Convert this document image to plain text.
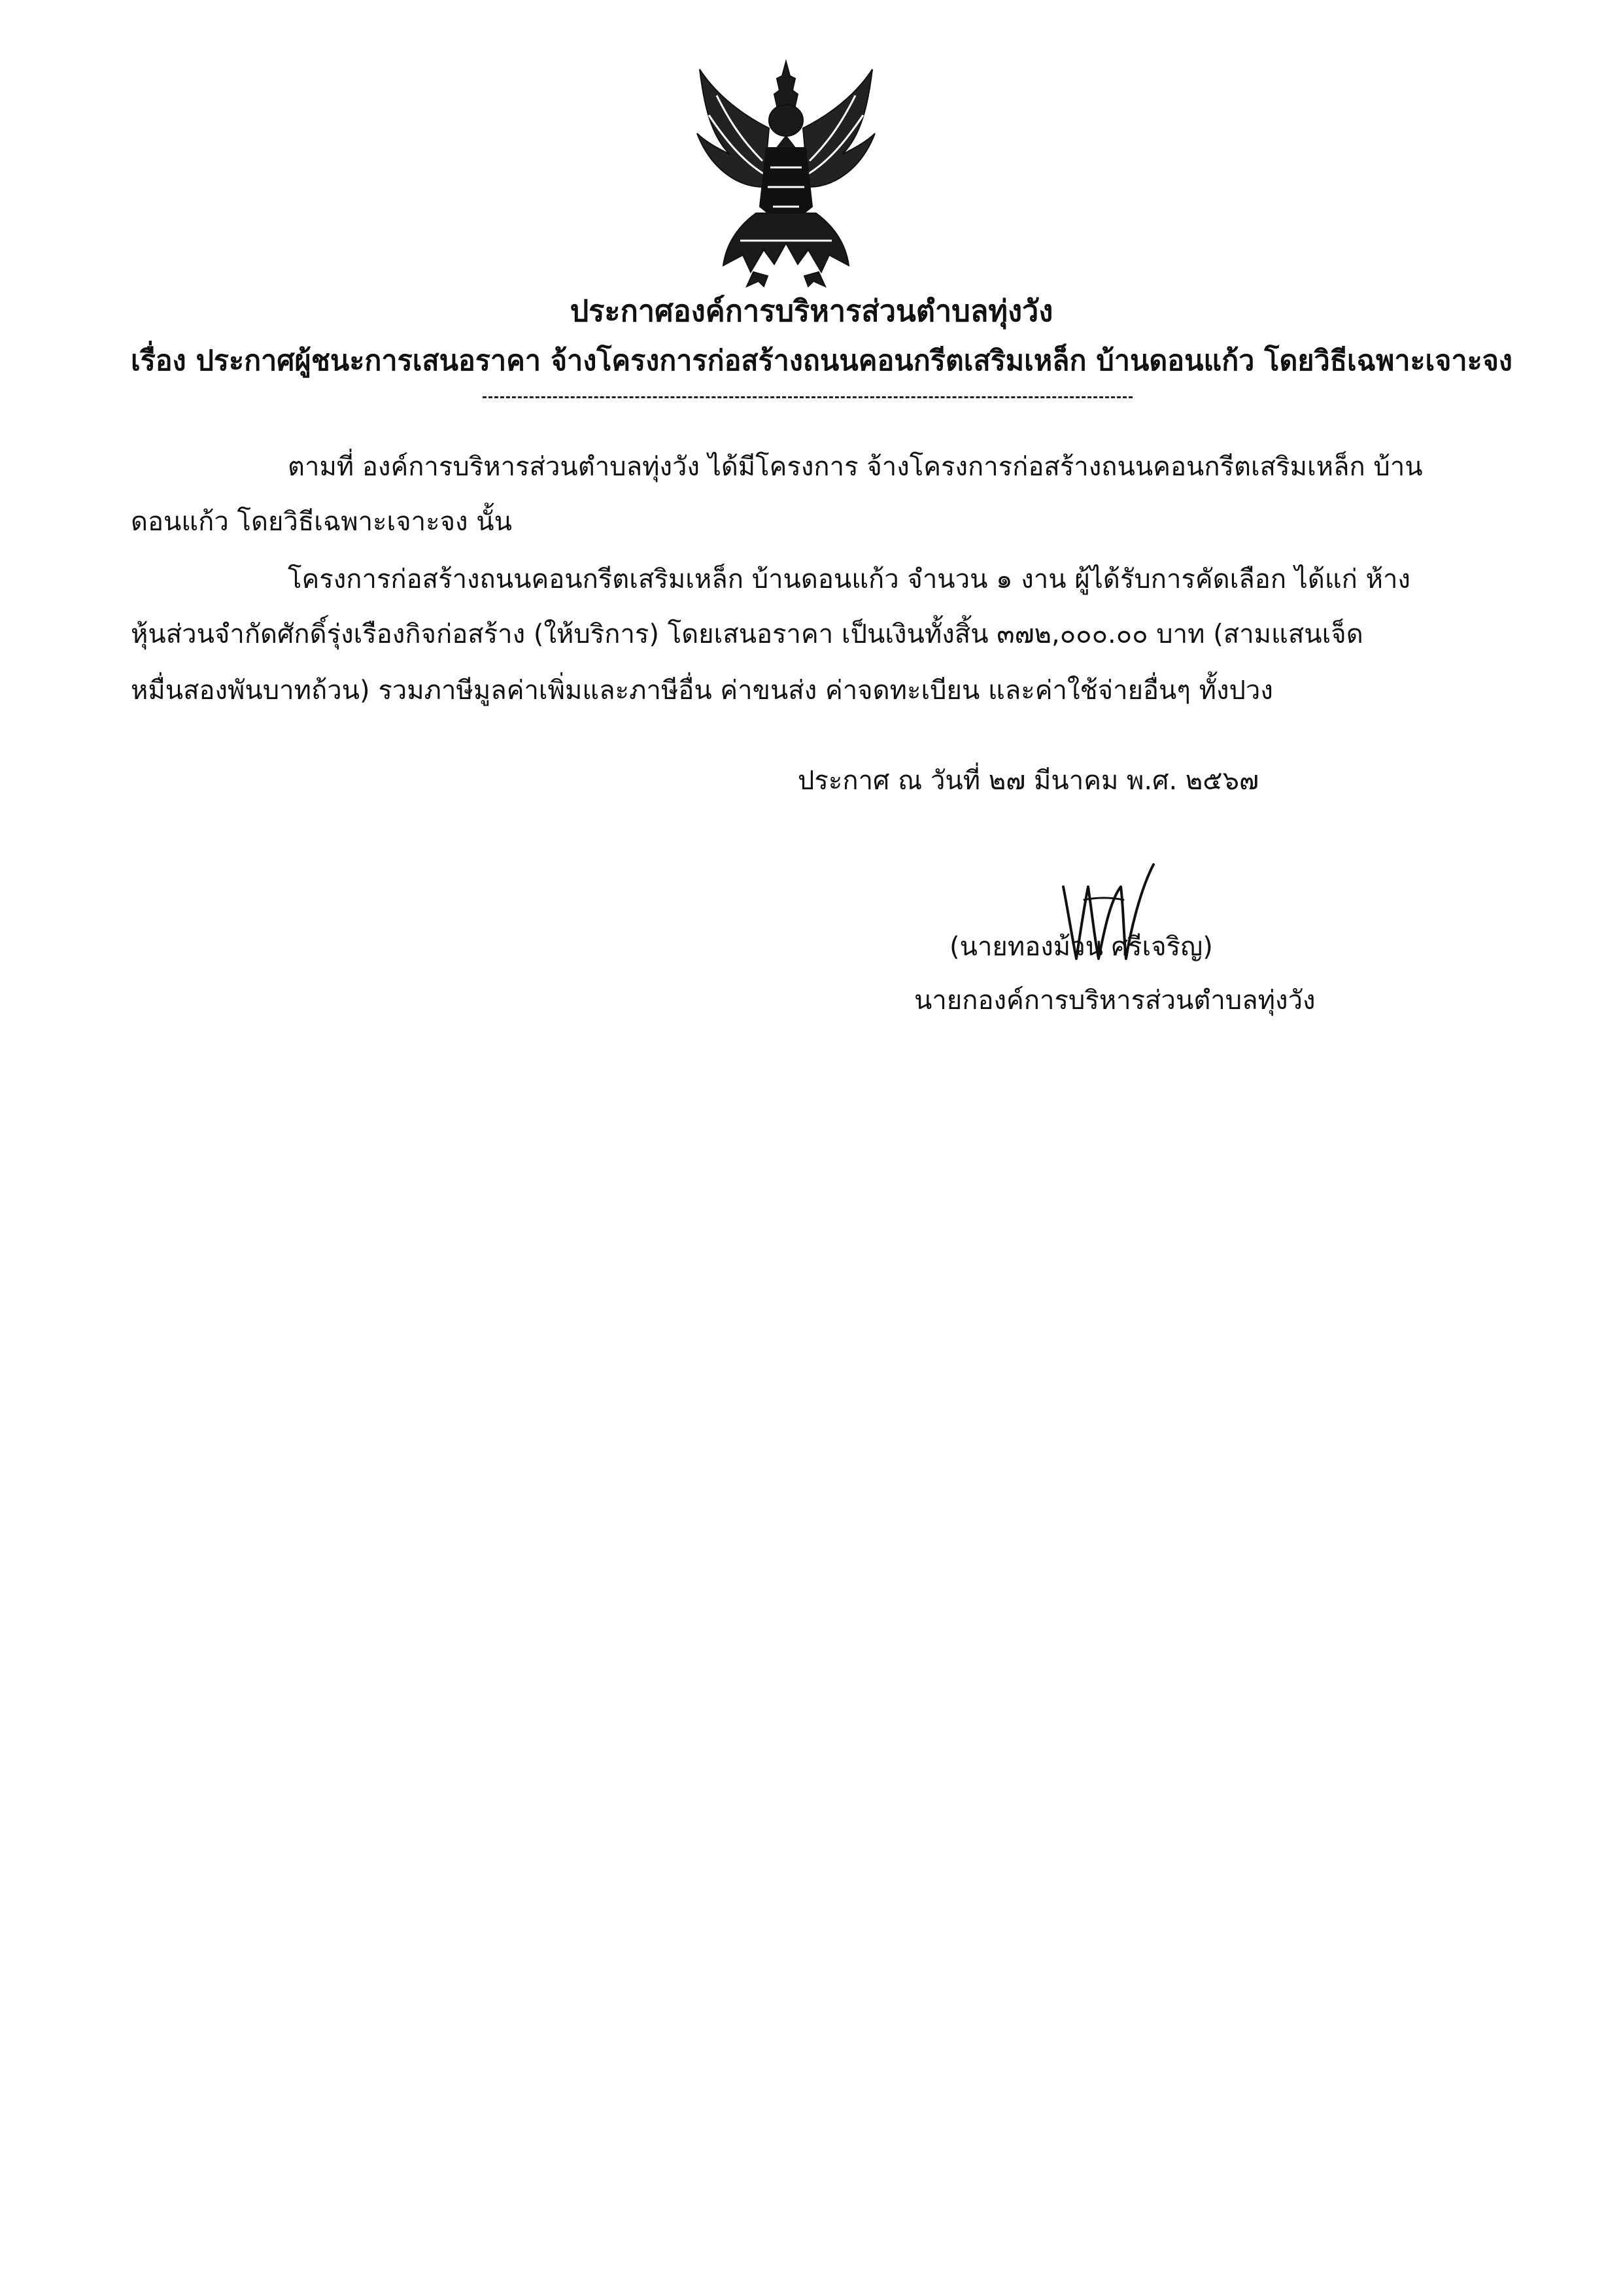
ประกาศองค์การบริหารส่วนตำบลทุ่งวัง
เรื่อง ประกาศผู้ชนะการเสนอราคา จ้างโครงการก่อสร้างถนนคอนกรีตเสริมเหล็ก บ้านดอนแก้ว โดยวิธีเฉพาะเจาะจง
ตามที่ องค์การบริหารส่วนตำบลทุ่งวัง ได้มีโครงการ จ้างโครงการก่อสร้างถนนคอนกรีตเสริมเหล็ก บ้าน
ดอนแก้ว โดยวิธีเฉพาะเจาะจง นั้น
โครงการก่อสร้างถนนคอนกรีตเสริมเหล็ก บ้านดอนแก้ว จำนวน ๑ งาน ผู้ได้รับการคัดเลือก ได้แก่ ห้าง
หุ้นส่วนจำกัดศักดิ์รุ่งเรืองกิจก่อสร้าง (ให้บริการ) โดยเสนอราคา เป็นเงินทั้งสิ้น ๓๗๒,๐๐๐.๐๐ บาท (สามแสนเจ็ด
หมื่นสองพันบาทถ้วน) รวมภาษีมูลค่าเพิ่มและภาษีอื่น ค่าขนส่ง ค่าจดทะเบียน และค่าใช้จ่ายอื่นๆ ทั้งปวง
ประกาศ ณ วันที่ ๒๗ มีนาคม พ.ศ. ๒๕๖๗
(นายทองม้วน ศรีเจริญ)
นายกองค์การบริหารส่วนตำบลทุ่งวัง
